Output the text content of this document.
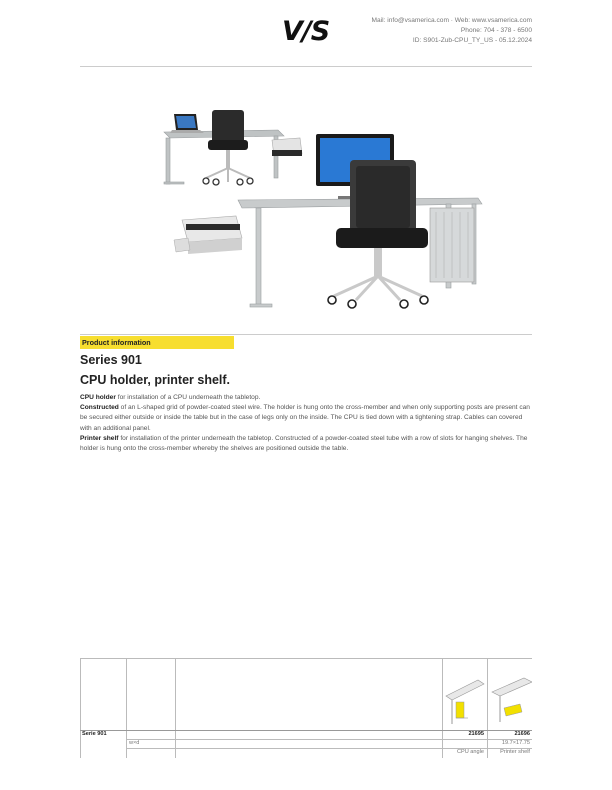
V/S	Mail: info@vsamerica.com · Web: www.vsamerica.com
Phone: 704 - 378 - 6500
ID: S901-Zub-CPU_TY_US - 05.12.2024
Product information
Series 901
CPU holder, printer shelf.

CPU holder for installation of a CPU underneath the tabletop.

Constructed of an L-shaped grid of powder-coated steel wire. The holder is hung onto the cross-member and when only supporting posts are present can be secured either outside or inside the table but in the case of legs only on the inside. The CPU is tied down with a tightening strap. Cables can covered with an additional panel.

Printer shelf for installation of the printer underneath the tabletop. Constructed of a powder-coated steel tube with a row of slots for hanging shelves. The holder is hung onto the cross-member whereby the shelves are positioned outside the table.

Serie 901
w×d
21695
CPU angle
21696
19.7×17.75
Printer shelf
